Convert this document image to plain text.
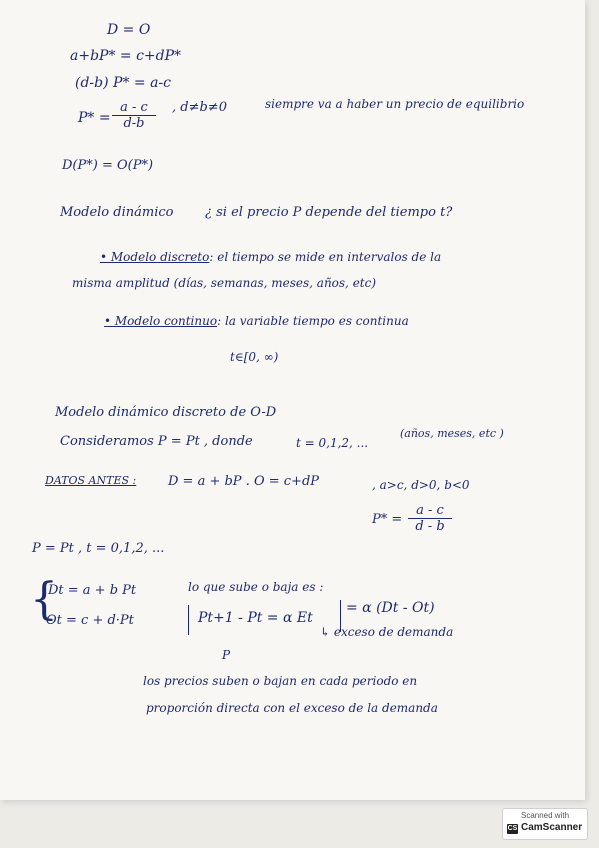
D = O
a+bP* = c+dP*
(d-b) P* = a-c
$P* = \frac{a - c}{d-b}$ , d≠b≠0	siempre va a haber un precio de equilibrio
D(P*) = O(P*)
Modelo dinámico ¿ si el precio P depende del tiempo t?
• Modelo discreto: el tiempo se mide en intervalos de la
misma amplitud (días, semanas, meses, años, etc)
• Modelo continuo: la variable tiempo es continua
t∈[0, ∞)
Modelo dinámico discreto de O-D
Consideramos P = Pt , donde	t = 0,1,2, ...
(años, meses, etc )
DATOS ANTES : D = a + bP . O = c+dP	, a>c, d>0, b<0
$P* = \frac{a - c}{d - b}$
P = Pt , t = 0,1,2, ...
{
Dt = a + b Pt
Ot = c + d·Pt
lo que sube o baja es :
Pt+1 - Pt = α Et
= α (Dt - Ot)
↳ exceso de demanda
P
los precios suben o bajan en cada periodo en
proporción directa con el exceso de la demanda
Scanned with
CS CamScanner
